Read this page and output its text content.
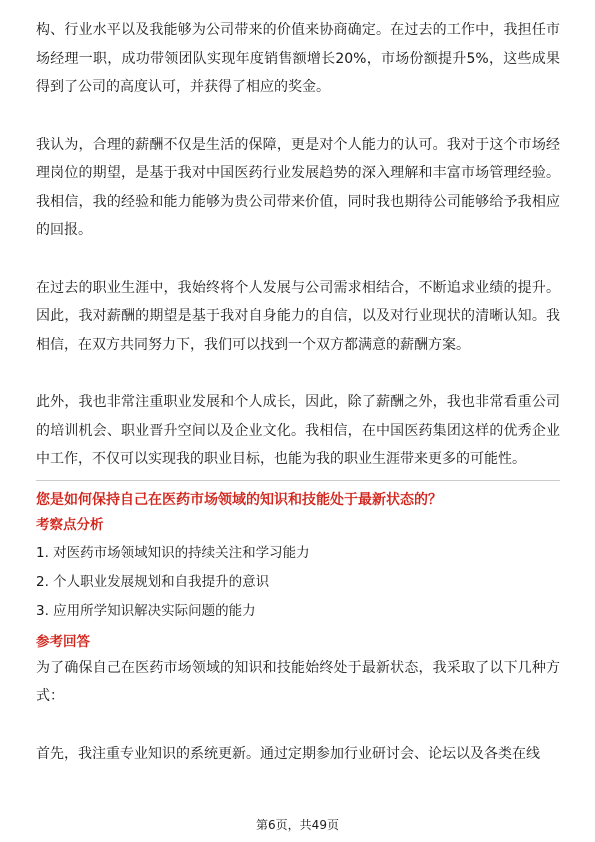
构、行业水平以及我能够为公司带来的价值来协商确定。在过去的工作中，我担任市场经理一职，成功带领团队实现年度销售额增长20%，市场份额提升5%，这些成果得到了公司的高度认可，并获得了相应的奖金。

我认为，合理的薪酬不仅是生活的保障，更是对个人能力的认可。我对于这个市场经理岗位的期望，是基于我对中国医药行业发展趋势的深入理解和丰富市场管理经验。我相信，我的经验和能力能够为贵公司带来价值，同时我也期待公司能够给予我相应的回报。

在过去的职业生涯中，我始终将个人发展与公司需求相结合，不断追求业绩的提升。因此，我对薪酬的期望是基于我对自身能力的自信，以及对行业现状的清晰认知。我相信，在双方共同努力下，我们可以找到一个双方都满意的薪酬方案。

此外，我也非常注重职业发展和个人成长，因此，除了薪酬之外，我也非常看重公司的培训机会、职业晋升空间以及企业文化。我相信，在中国医药集团这样的优秀企业中工作，不仅可以实现我的职业目标，也能为我的职业生涯带来更多的可能性。

您是如何保持自己在医药市场领域的知识和技能处于最新状态的？

考察点分析

1. 对医药市场领域知识的持续关注和学习能力
2. 个人职业发展规划和自我提升的意识
3. 应用所学知识解决实际问题的能力

参考回答

为了确保自己在医药市场领域的知识和技能始终处于最新状态，我采取了以下几种方式：

首先，我注重专业知识的系统更新。通过定期参加行业研讨会、论坛以及各类在线

第6页，共49页
